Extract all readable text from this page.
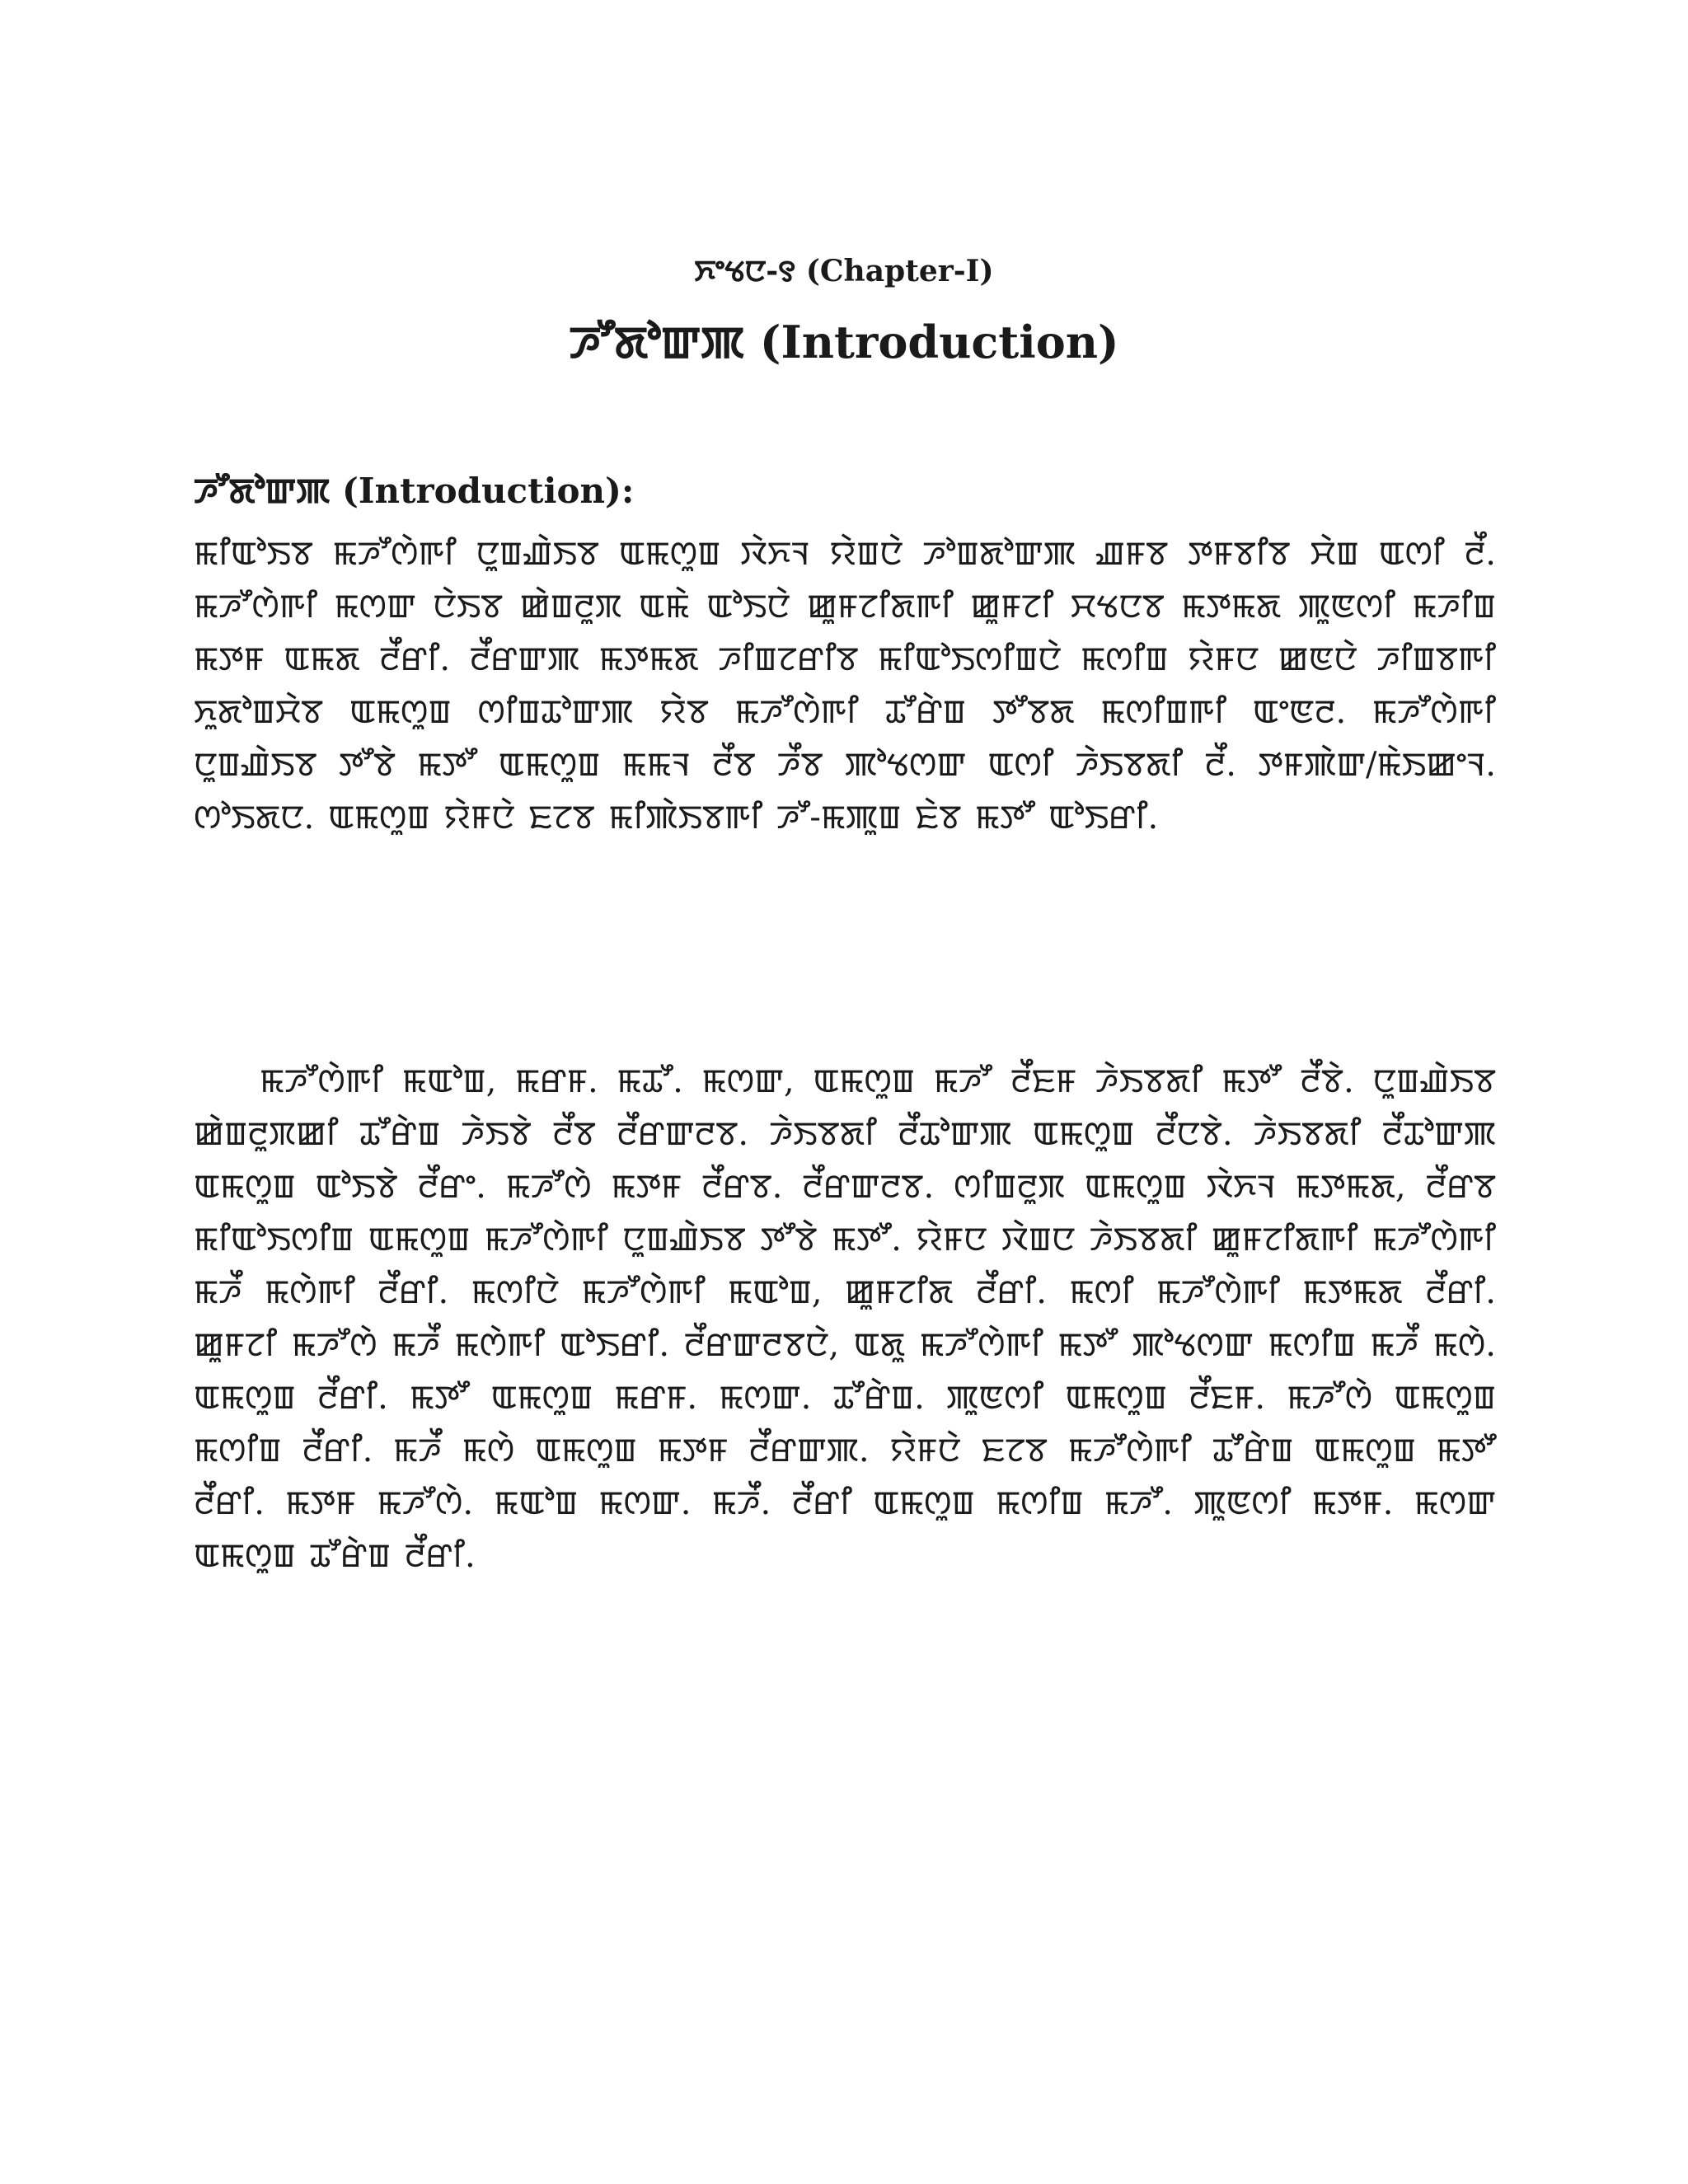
ꯈꯦꯠꯅ-꯱ (Chapter-I)
ꯍꯧꯗꯣꯛꯄ (Introduction)
ꯍꯧꯗꯣꯛꯄ (Introduction):

ꯃꯤꯑꯣꯏꯕ ꯃꯍꯧꯁꯥꯒꯤ ꯅꯨꯡꯉꯥꯏꯕ ꯑꯃꯁꯨꯡ ꯋꯥꯈꯜ ꯌꯥꯡꯅꯥ ꯍꯣꯡꯗꯣꯛꯄ ꯉꯝꯕ ꯇꯝꯕꯤꯕ ꯆꯥꯡ ꯑꯁꯤ ꯂꯩ. ꯃꯍꯧꯁꯥꯒꯤ ꯃꯁꯛ ꯅꯥꯏꯕ ꯀꯥꯡꯂꯨꯞ ꯑꯃꯥ ꯑꯣꯏꯅꯥ ꯀꯨꯝꯖꯤꯗꯒꯤ ꯀꯨꯝꯖꯤ ꯆꯠꯅꯕ ꯃꯇꯃꯗ ꯄꯨꯟꯁꯤ ꯃꯍꯤꯡ ꯃꯇꯝ ꯑꯃꯗ ꯂꯩꯔꯤ. ꯂꯩꯔꯛꯄ ꯃꯇꯃꯗ ꯍꯤꯡꯖꯔꯤꯕ ꯃꯤꯑꯣꯏꯁꯤꯡꯅꯥ ꯃꯁꯤꯡ ꯌꯥꯝꯅ ꯀꯟꯅꯥ ꯍꯤꯡꯕꯒꯤ ꯈꯨꯗꯣꯡꯆꯥꯕ ꯑꯃꯁꯨꯡ ꯁꯤꯡꯊꯣꯛꯄ ꯌꯥꯕ ꯃꯍꯧꯁꯥꯒꯤ ꯊꯧꯔꯥꯡ ꯇꯧꯕꯗ ꯃꯁꯤꯡꯒꯤ ꯑꯦꯟꯂ. ꯃꯍꯧꯁꯥꯒꯤ ꯅꯨꯡꯉꯥꯏꯕ ꯇꯧꯕꯥ ꯃꯇꯧ ꯑꯃꯁꯨꯡ ꯃꯃꯜ ꯂꯩꯕ ꯍꯩꯕ ꯄꯣꯠꯁꯛ ꯑꯁꯤ ꯍꯥꯏꯕꯗꯤ ꯂꯩ. ꯇꯝꯄꯥꯛ/ꯃꯥꯏꯀꯦꯜ. ꯁꯣꯏꯗꯅ. ꯑꯃꯁꯨꯡ ꯌꯥꯝꯅꯥ ꯐꯖꯕ ꯃꯤꯄꯥꯏꯕꯒꯤ ꯍꯧ-ꯃꯄꯨꯡ ꯐꯥꯕ ꯃꯇꯧ ꯑꯣꯏꯔꯤ.

ꯃꯍꯧꯁꯥꯒꯤ ꯃꯑꯣꯡ, ꯃꯔꯝ. ꯃꯊꯧ. ꯃꯁꯛ, ꯑꯃꯁꯨꯡ ꯃꯍꯧ ꯂꯩꯐꯝ ꯍꯥꯏꯕꯗꯤ ꯃꯇꯧ ꯂꯩꯕꯥ. ꯅꯨꯡꯉꯥꯏꯕ ꯀꯥꯡꯂꯨꯞꯀꯤ ꯊꯧꯔꯥꯡ ꯍꯥꯏꯕꯥ ꯂꯩꯕ ꯂꯩꯔꯛꯂꯕ. ꯍꯥꯏꯕꯗꯤ ꯂꯩꯊꯣꯛꯄ ꯑꯃꯁꯨꯡ ꯂꯩꯅꯕꯥ. ꯍꯥꯏꯕꯗꯤ ꯂꯩꯊꯣꯛꯄ ꯑꯃꯁꯨꯡ ꯑꯣꯏꯕꯥ ꯂꯩꯔꯦ. ꯃꯍꯧꯁꯥ ꯃꯇꯝ ꯂꯩꯔꯕ. ꯂꯩꯔꯛꯂꯕ. ꯁꯤꯡꯂꯨꯞ ꯑꯃꯁꯨꯡ ꯋꯥꯈꯜ ꯃꯇꯃꯗ, ꯂꯩꯔꯕ ꯃꯤꯑꯣꯏꯁꯤꯡ ꯑꯃꯁꯨꯡ ꯃꯍꯧꯁꯥꯒꯤ ꯅꯨꯡꯉꯥꯏꯕ ꯇꯧꯕꯥ ꯃꯇꯧ. ꯌꯥꯝꯅ ꯋꯥꯡꯅ ꯍꯥꯏꯕꯗꯤ ꯀꯨꯝꯖꯤꯗꯒꯤ ꯃꯍꯧꯁꯥꯒꯤ ꯃꯍꯩ ꯃꯁꯥꯒꯤ ꯂꯩꯔꯤ. ꯃꯁꯤꯅꯥ ꯃꯍꯧꯁꯥꯒꯤ ꯃꯑꯣꯡ, ꯀꯨꯝꯖꯤꯗ ꯂꯩꯔꯤ. ꯃꯁꯤ ꯃꯍꯧꯁꯥꯒꯤ ꯃꯇꯃꯗ ꯂꯩꯔꯤ. ꯀꯨꯝꯖꯤ ꯃꯍꯧꯁꯥ ꯃꯍꯩ ꯃꯁꯥꯒꯤ ꯑꯣꯏꯔꯤ. ꯂꯩꯔꯛꯂꯕꯅꯥ, ꯑꯗꯨ ꯃꯍꯧꯁꯥꯒꯤ ꯃꯇꯧ ꯄꯣꯠꯁꯛ ꯃꯁꯤꯡ ꯃꯍꯩ ꯃꯁꯥ. ꯑꯃꯁꯨꯡ ꯂꯩꯔꯤ. ꯃꯇꯧ ꯑꯃꯁꯨꯡ ꯃꯔꯝ. ꯃꯁꯛ. ꯊꯧꯔꯥꯡ. ꯄꯨꯟꯁꯤ ꯑꯃꯁꯨꯡ ꯂꯩꯐꯝ. ꯃꯍꯧꯁꯥ ꯑꯃꯁꯨꯡ ꯃꯁꯤꯡ ꯂꯩꯔꯤ. ꯃꯍꯩ ꯃꯁꯥ ꯑꯃꯁꯨꯡ ꯃꯇꯝ ꯂꯩꯔꯛꯄ. ꯌꯥꯝꯅꯥ ꯐꯖꯕ ꯃꯍꯧꯁꯥꯒꯤ ꯊꯧꯔꯥꯡ ꯑꯃꯁꯨꯡ ꯃꯇꯧ ꯂꯩꯔꯤ. ꯃꯇꯝ ꯃꯍꯧꯁꯥ. ꯃꯑꯣꯡ ꯃꯁꯛ. ꯃꯍꯩ. ꯂꯩꯔꯤ ꯑꯃꯁꯨꯡ ꯃꯁꯤꯡ ꯃꯍꯧ. ꯄꯨꯟꯁꯤ ꯃꯇꯝ. ꯃꯁꯛ ꯑꯃꯁꯨꯡ ꯊꯧꯔꯥꯡ ꯂꯩꯔꯤ.
